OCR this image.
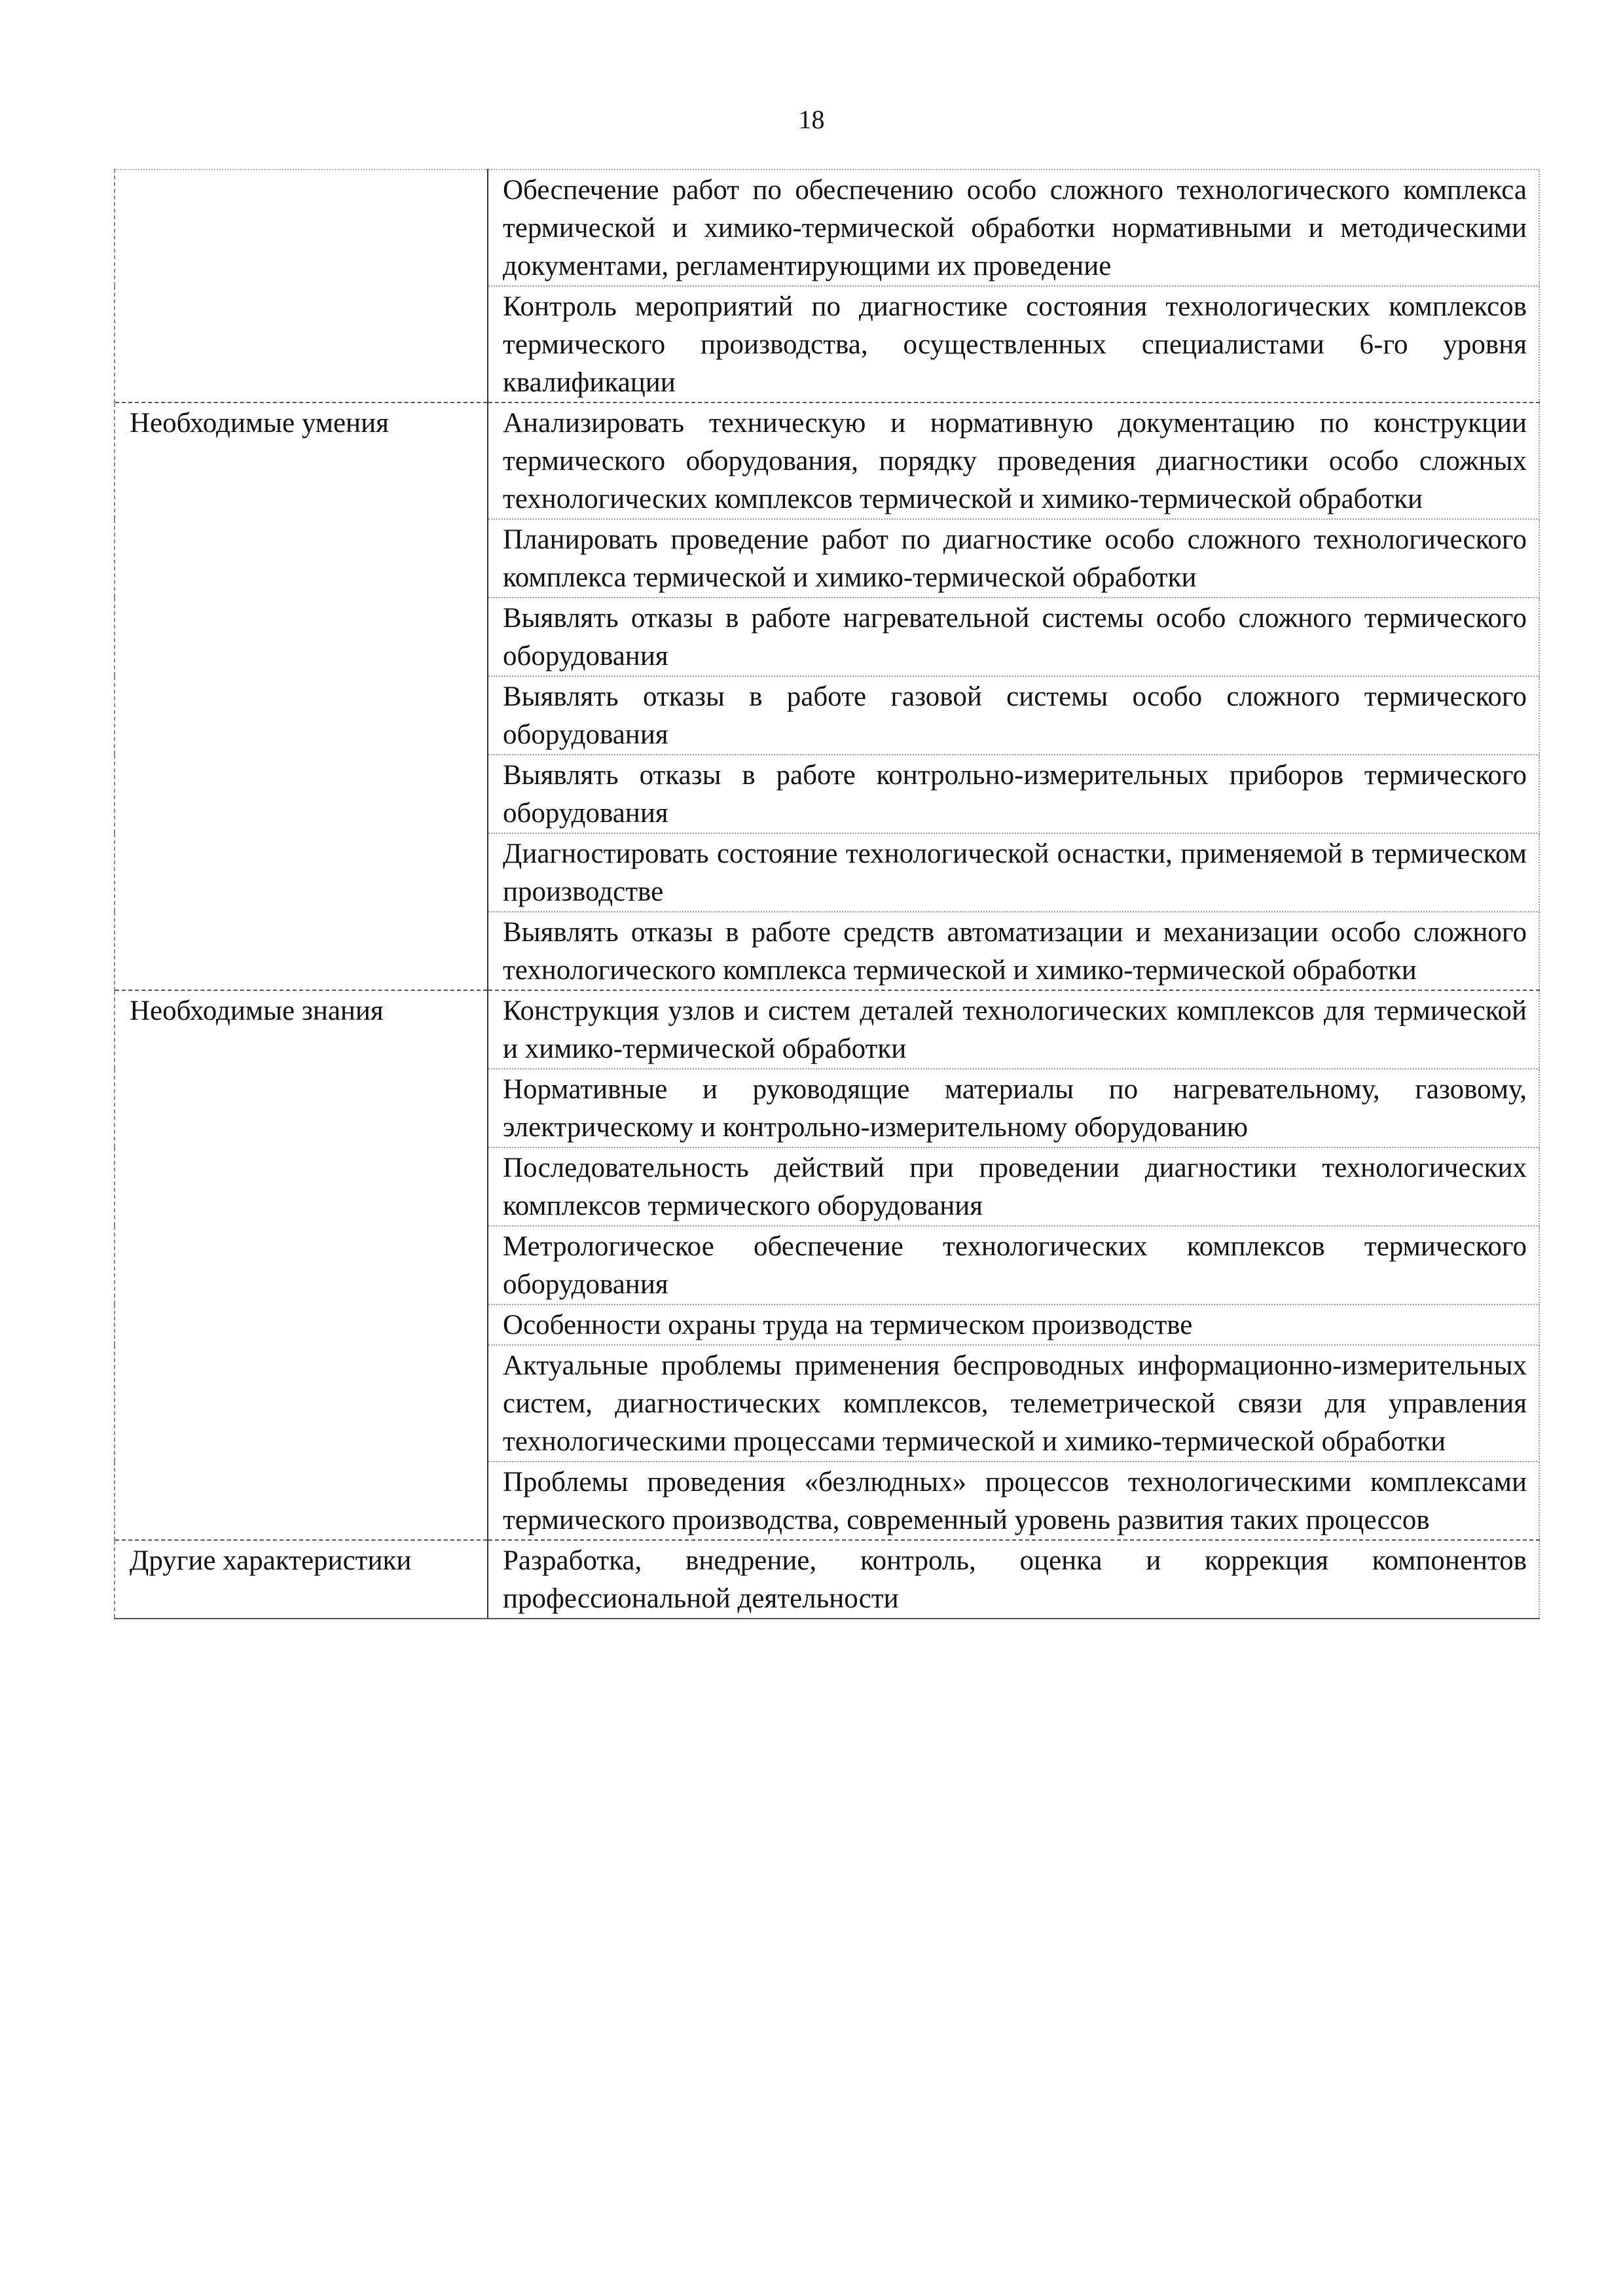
18
	Обеспечение работ по обеспечению особо сложного технологического комплекса термической и химико-термической обработки нормативными и методическими документами, регламентирующими их проведение
	Контроль мероприятий по диагностике состояния технологических комплексов термического производства, осуществленных специалистами 6-го уровня квалификации
Необходимые умения	Анализировать техническую и нормативную документацию по конструкции термического оборудования, порядку проведения диагностики особо сложных технологических комплексов термической и химико-термической обработки
	Планировать проведение работ по диагностике особо сложного технологического комплекса термической и химико-термической обработки
	Выявлять отказы в работе нагревательной системы особо сложного термического оборудования
	Выявлять отказы в работе газовой системы особо сложного термического оборудования
	Выявлять отказы в работе контрольно-измерительных приборов термического оборудования
	Диагностировать состояние технологической оснастки, применяемой в термическом производстве
	Выявлять отказы в работе средств автоматизации и механизации особо сложного технологического комплекса термической и химико-термической обработки
Необходимые знания	Конструкция узлов и систем деталей технологических комплексов для термической и химико-термической обработки
	Нормативные и руководящие материалы по нагревательному, газовому, электрическому и контрольно-измерительному оборудованию
	Последовательность действий при проведении диагностики технологических комплексов термического оборудования
	Метрологическое обеспечение технологических комплексов термического оборудования
	Особенности охраны труда на термическом производстве
	Актуальные проблемы применения беспроводных информационно-измерительных систем, диагностических комплексов, телеметрической связи для управления технологическими процессами термической и химико-термической обработки
	Проблемы проведения «безлюдных» процессов технологическими комплексами термического производства, современный уровень развития таких процессов
Другие характеристики	Разработка, внедрение, контроль, оценка и коррекция компонентов профессиональной деятельности
